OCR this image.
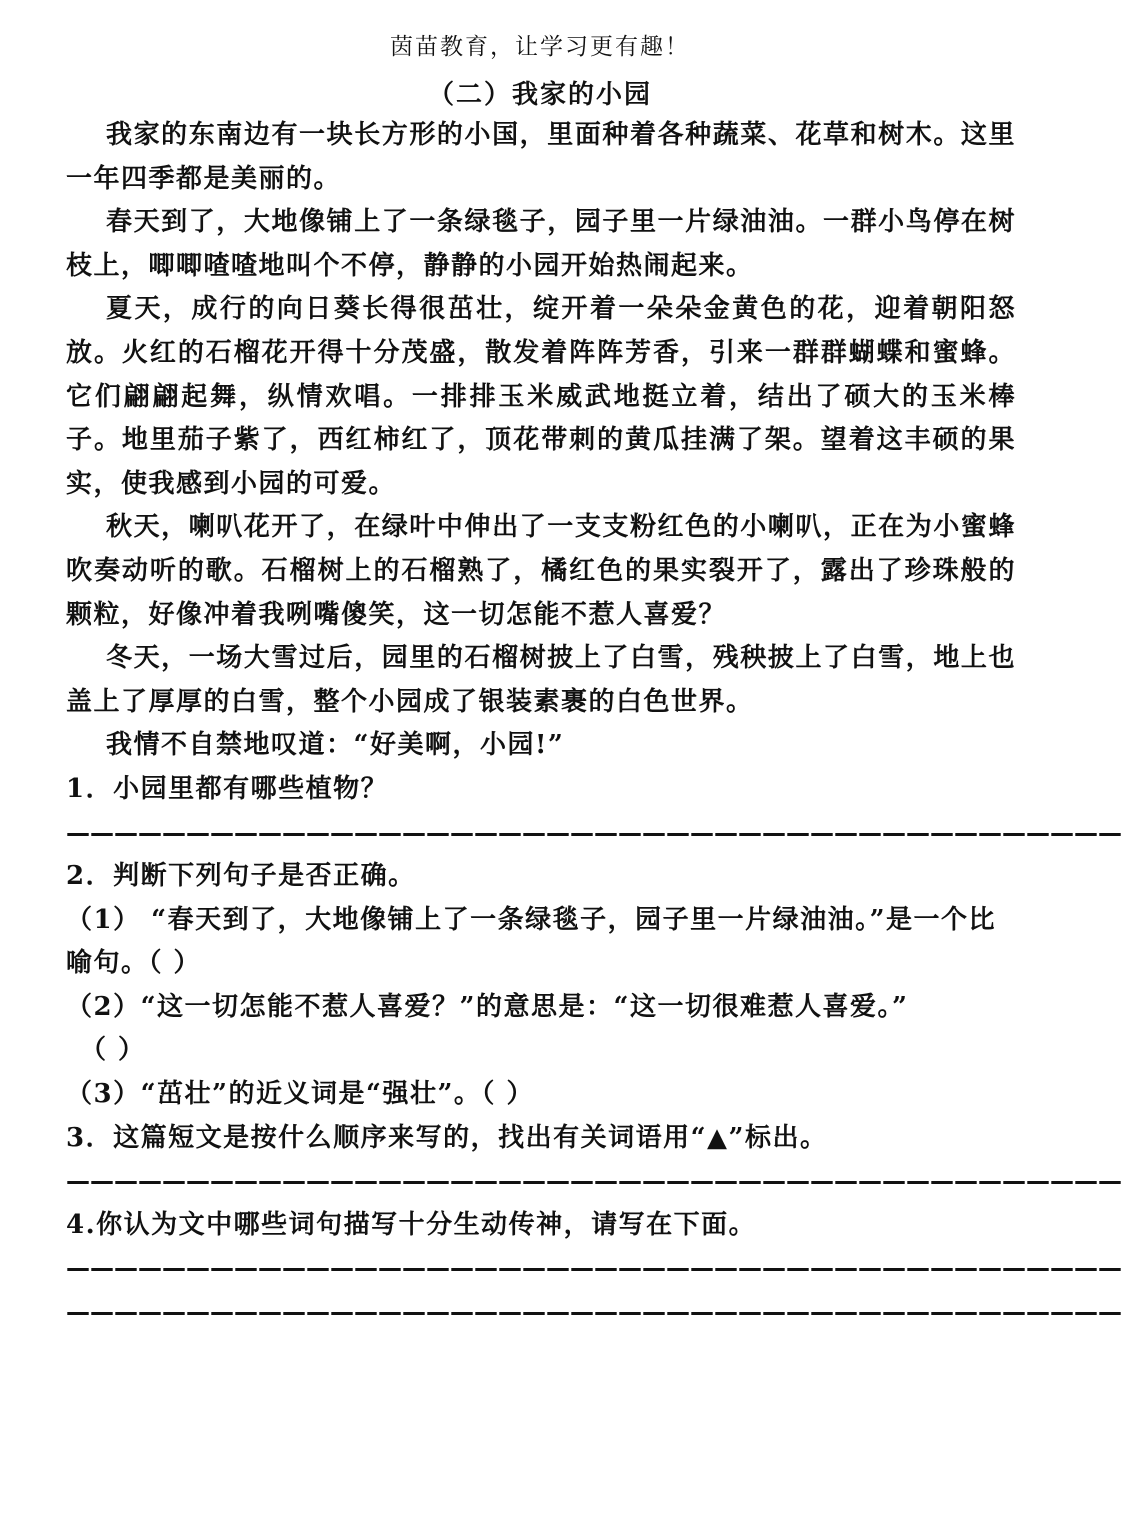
茵苗教育，让学习更有趣！
（二）我家的小园

我家的东南边有一块长方形的小国，里面种着各种蔬菜、花草和树木。这里一年四季都是美丽的。

春天到了，大地像铺上了一条绿毯子，园子里一片绿油油。一群小鸟停在树枝上，唧唧喳喳地叫个不停，静静的小园开始热闹起来。

夏天，成行的向日葵长得很茁壮，绽开着一朵朵金黄色的花，迎着朝阳怒放。火红的石榴花开得十分茂盛，散发着阵阵芳香，引来一群群蝴蝶和蜜蜂。它们翩翩起舞，纵情欢唱。一排排玉米威武地挺立着，结出了硕大的玉米棒子。地里茄子紫了，西红柿红了，顶花带刺的黄瓜挂满了架。望着这丰硕的果实，使我感到小园的可爱。

秋天，喇叭花开了，在绿叶中伸出了一支支粉红色的小喇叭，正在为小蜜蜂吹奏动听的歌。石榴树上的石榴熟了，橘红色的果实裂开了，露出了珍珠般的颗粒，好像冲着我咧嘴傻笑，这一切怎能不惹人喜爱？

冬天，一场大雪过后，园里的石榴树披上了白雪，残秧披上了白雪，地上也盖上了厚厚的白雪，整个小园成了银装素裹的白色世界。

我情不自禁地叹道：“好美啊，小园!”

1．小园里都有哪些植物？

————————————————————————————————————————————

2．判断下列句子是否正确。

（1） “春天到了，大地像铺上了一条绿毯子，园子里一片绿油油。”是一个比喻句。（ ）

（2）“这一切怎能不惹人喜爱？”的意思是：“这一切很难惹人喜爱。”

（ ）

（3）“茁壮”的近义词是“强壮”。（ ）

3．这篇短文是按什么顺序来写的，找出有关词语用“▲”标出。

————————————————————————————————————————————

4.你认为文中哪些词句描写十分生动传神，请写在下面。

————————————————————————————————————————————
————————————————————————————————————————————
